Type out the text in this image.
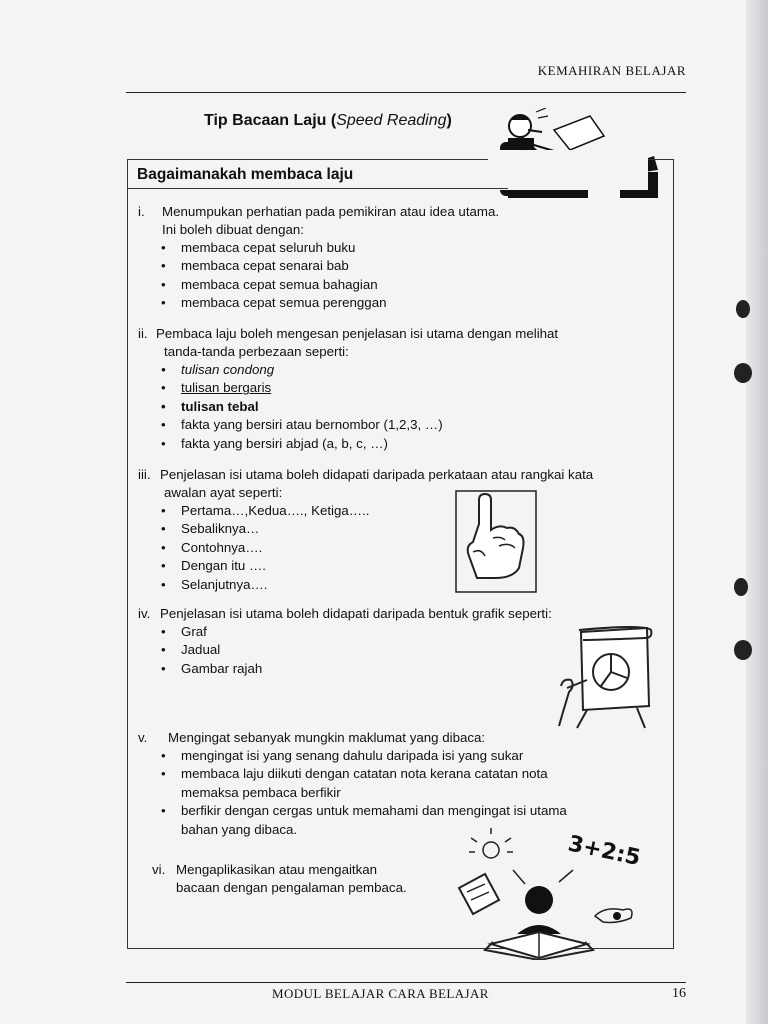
KEMAHIRAN BELAJAR
Tip Bacaan Laju (Speed Reading)
Bagaimanakah membaca laju
i. Menumpukan perhatian pada pemikiran atau idea utama.
Ini boleh dibuat dengan:
• membaca cepat seluruh buku
• membaca cepat senarai bab
• membaca cepat semua bahagian
• membaca cepat semua perenggan
ii. Pembaca laju boleh mengesan penjelasan isi utama dengan melihat
tanda-tanda perbezaan seperti:
• tulisan condong
• tulisan bergaris
• tulisan tebal
• fakta yang bersiri atau bernombor (1,2,3, …)
• fakta yang bersiri abjad (a, b, c, …)
iii. Penjelasan isi utama boleh didapati daripada perkataan atau rangkai kata
awalan ayat seperti:
• Pertama…,Kedua…., Ketiga…..
• Sebaliknya…
• Contohnya….
• Dengan itu ….
• Selanjutnya….
iv. Penjelasan isi utama boleh didapati daripada bentuk grafik seperti:
• Graf
• Jadual
• Gambar rajah
v. Mengingat sebanyak mungkin maklumat yang dibaca:
• mengingat isi yang senang dahulu daripada isi yang sukar
• membaca laju diikuti dengan catatan nota kerana catatan nota
memaksa pembaca berfikir
• berfikir dengan cergas untuk memahami dan mengingat isi utama
bahan yang dibaca.
vi. Mengaplikasikan atau mengaitkan
bacaan dengan pengalaman pembaca.
3+2:5
MODUL BELAJAR CARA BELAJAR	16
